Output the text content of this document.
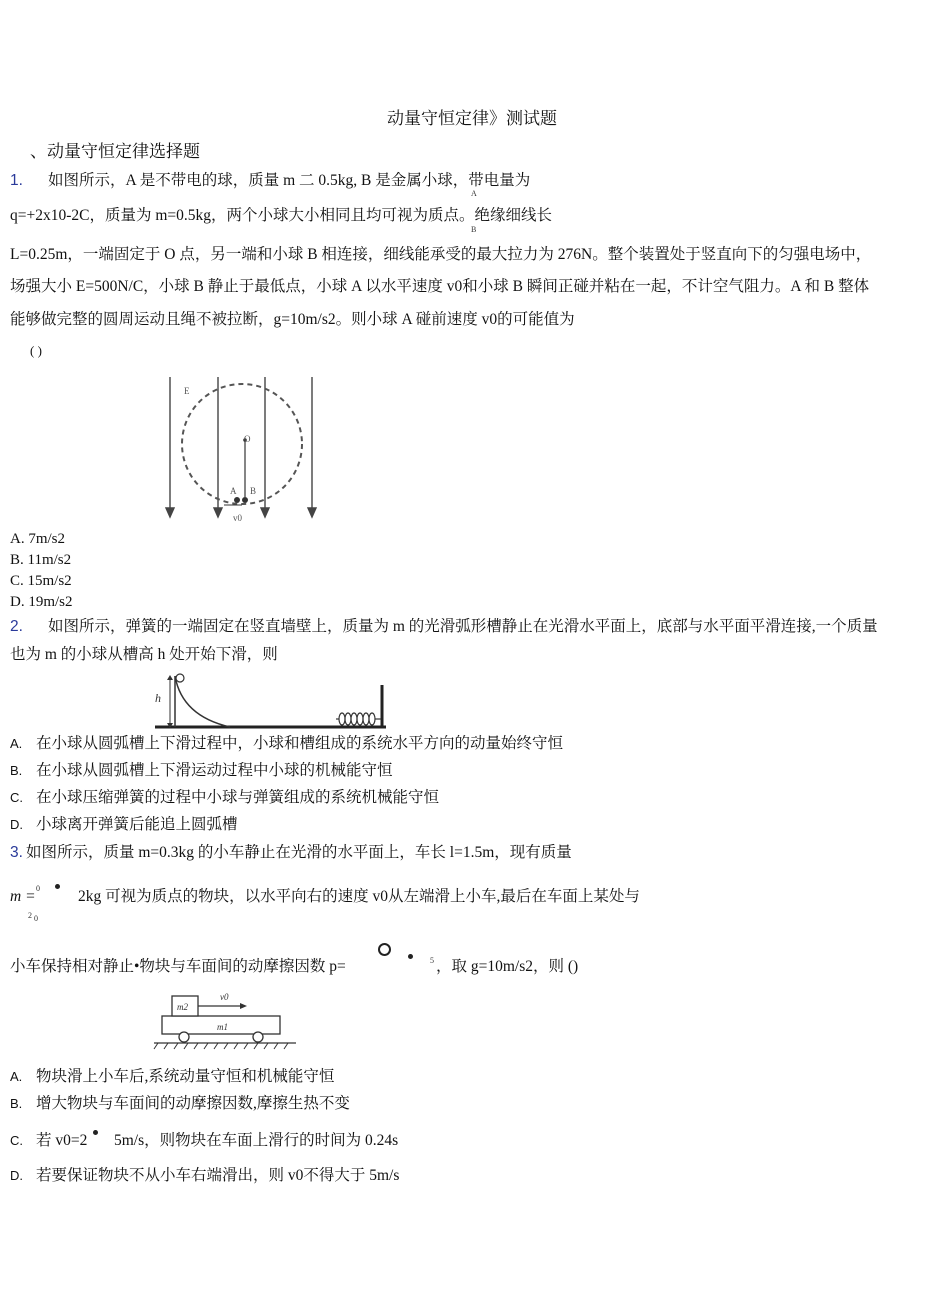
动量守恒定律》测试题
、动量守恒定律选择题
1. 如图所示，A 是不带电的球，质量 m 二 0.5kg, B 是金属小球，带电量为
A
q=+2x10-2C，质量为 m=0.5kg，两个小球大小相同且均可视为质点。绝缘细线长
B
L=0.25m，一端固定于 O 点，另一端和小球 B 相连接，细线能承受的最大拉力为 276N。整个装置处于竖直向下的匀强电场中，
场强大小 E=500N/C，小球 B 静止于最低点，小球 A 以水平速度 v0和小球 B 瞬间正碰并粘在一起，不计空气阻力。A 和 B 整体
能够做完整的圆周运动且绳不被拉断，g=10m/s2。则小球 A 碰前速度 v0的可能值为
( )
E
O
A B
v0
A. 7m/s2
B. 11m/s2
C. 15m/s2
D. 19m/s2
2. 如图所示，弹簧的一端固定在竖直墙壁上，质量为 m 的光滑弧形槽静止在光滑水平面上，底部与水平面平滑连接,一个质量
也为 m 的小球从槽高 h 处开始下滑，则
h
A. 在小球从圆弧槽上下滑过程中，小球和槽组成的系统水平方向的动量始终守恒
B. 在小球从圆弧槽上下滑运动过程中小球的机械能守恒
C. 在小球压缩弹簧的过程中小球与弹簧组成的系统机械能守恒
D. 小球离开弹簧后能追上圆弧槽
3. 如图所示，质量 m=0.3kg 的小车静止在光滑的水平面上，车长 l=1.5m，现有质量
m = 0
2 0
2kg 可视为质点的物块，以水平向右的速度 v0从左端滑上小车,最后在车面上某处与
小车保持相对静止•物块与车面间的动摩擦因数 p=	5 ，取 g=10m/s2，则 ()
v0
m2
m1
A. 物块滑上小车后,系统动量守恒和机械能守恒
B. 增大物块与车面间的动摩擦因数,摩擦生热不变
C. 若 v0=2 5m/s，则物块在车面上滑行的时间为 0.24s
D. 若要保证物块不从小车右端滑出，则 v0不得大于 5m/s
